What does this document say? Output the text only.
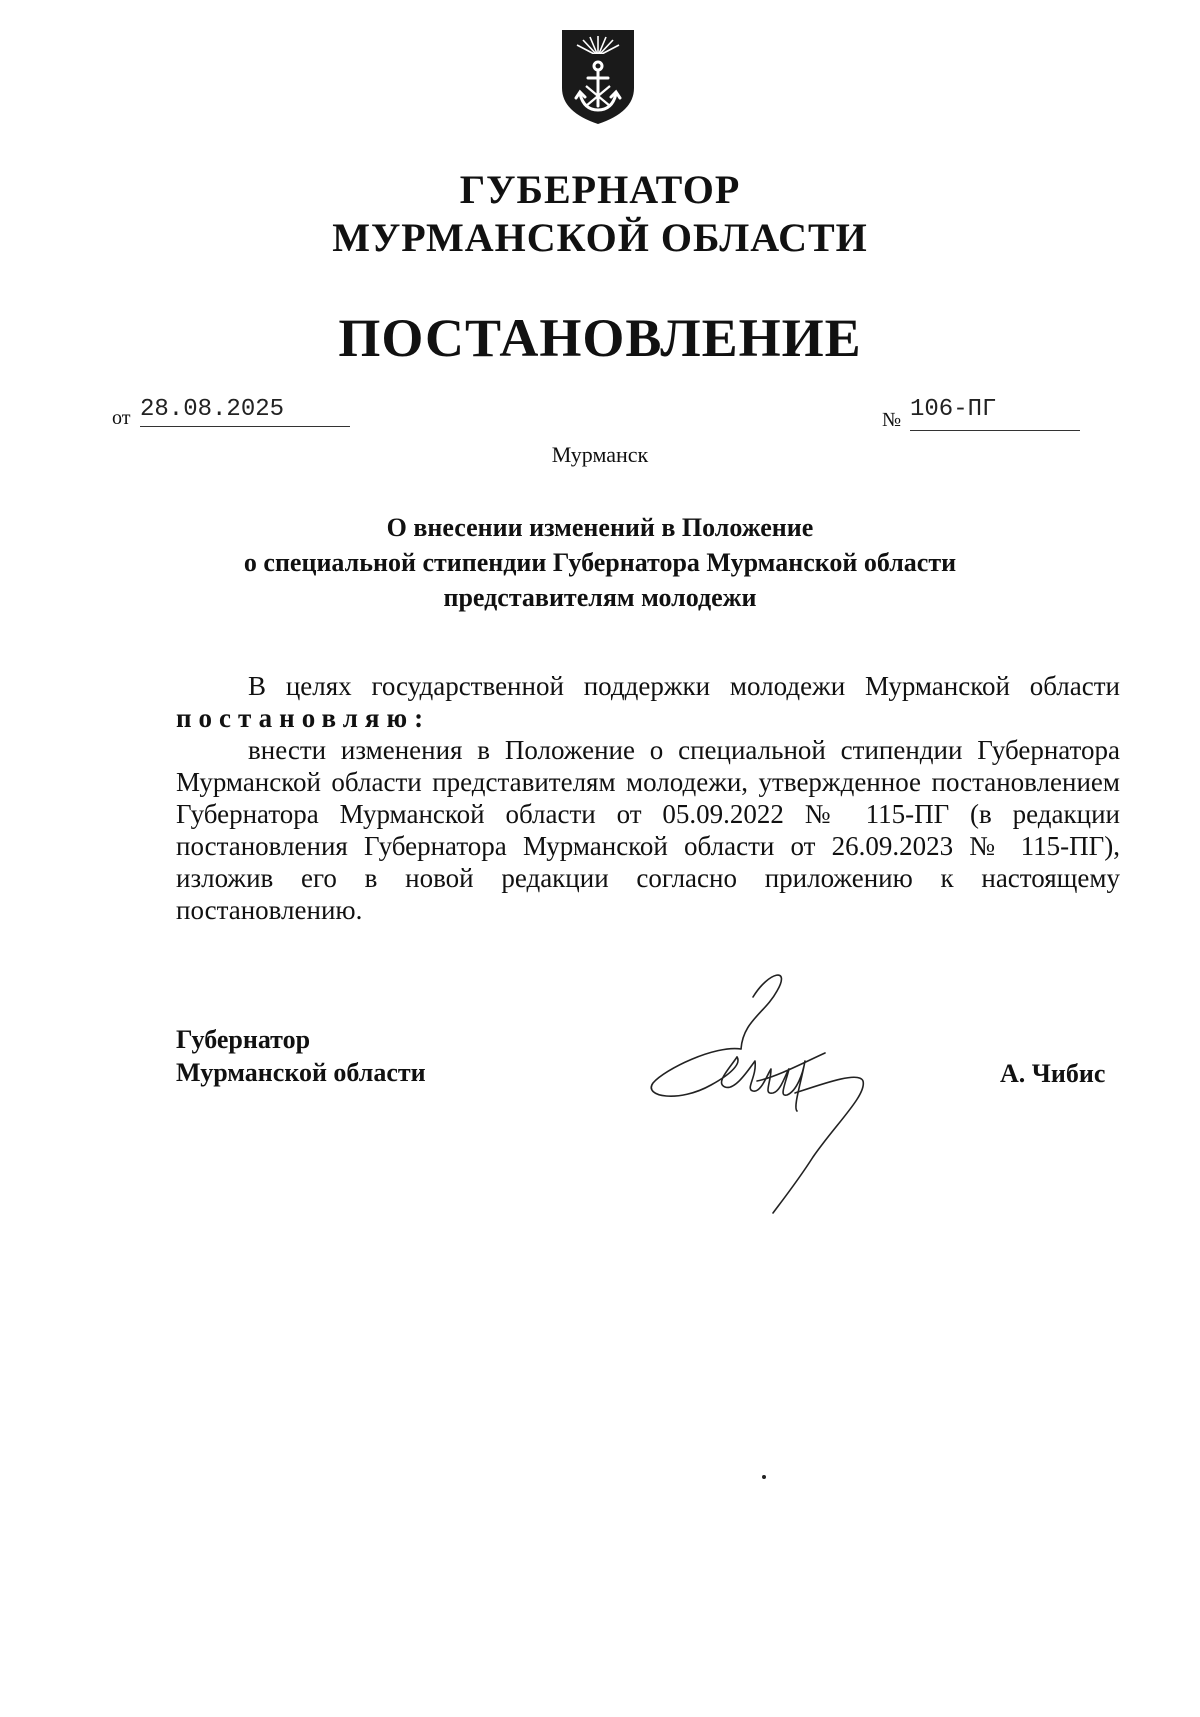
ГУБЕРНАТОР
МУРМАНСКОЙ ОБЛАСТИ
ПОСТАНОВЛЕНИЕ
от 28.08.2025	№ 106-ПГ
Мурманск
О внесении изменений в Положение
о специальной стипендии Губернатора Мурманской области
представителям молодежи
В целях государственной поддержки молодежи Мурманской области
постановляю:
внести изменения в Положение о специальной стипендии Губернатора
Мурманской области представителям молодежи, утвержденное постановлением Губернатора Мурманской области от 05.09.2022 № 115-ПГ (в редакции постановления Губернатора Мурманской области от 26.09.2023 № 115-ПГ), изложив его в новой редакции согласно приложению к настоящему постановлению.
Губернатор
Мурманской области	А. Чибис
